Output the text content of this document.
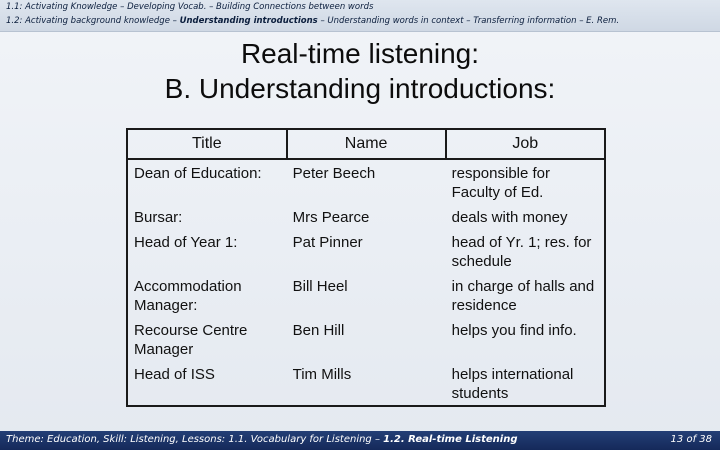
1.1: Activating Knowledge – Developing Vocab. – Building Connections between words
1.2: Activating background knowledge – Understanding introductions – Understanding words in context – Transferring information – E. Rem.
Real-time listening:
B. Understanding introductions:
Title	Name	Job
Dean of Education:	Peter Beech	responsible for Faculty of Ed.
Bursar:	Mrs Pearce	deals with money
Head of Year 1:	Pat Pinner	head of Yr. 1; res. for schedule
Accommodation Manager:	Bill Heel	in charge of halls and residence
Recourse Centre Manager	Ben Hill	helps you find info.
Head of ISS	Tim Mills	helps international students
Theme: Education, Skill: Listening, Lessons: 1.1. Vocabulary for Listening – 1.2. Real-time Listening	13 of 38
